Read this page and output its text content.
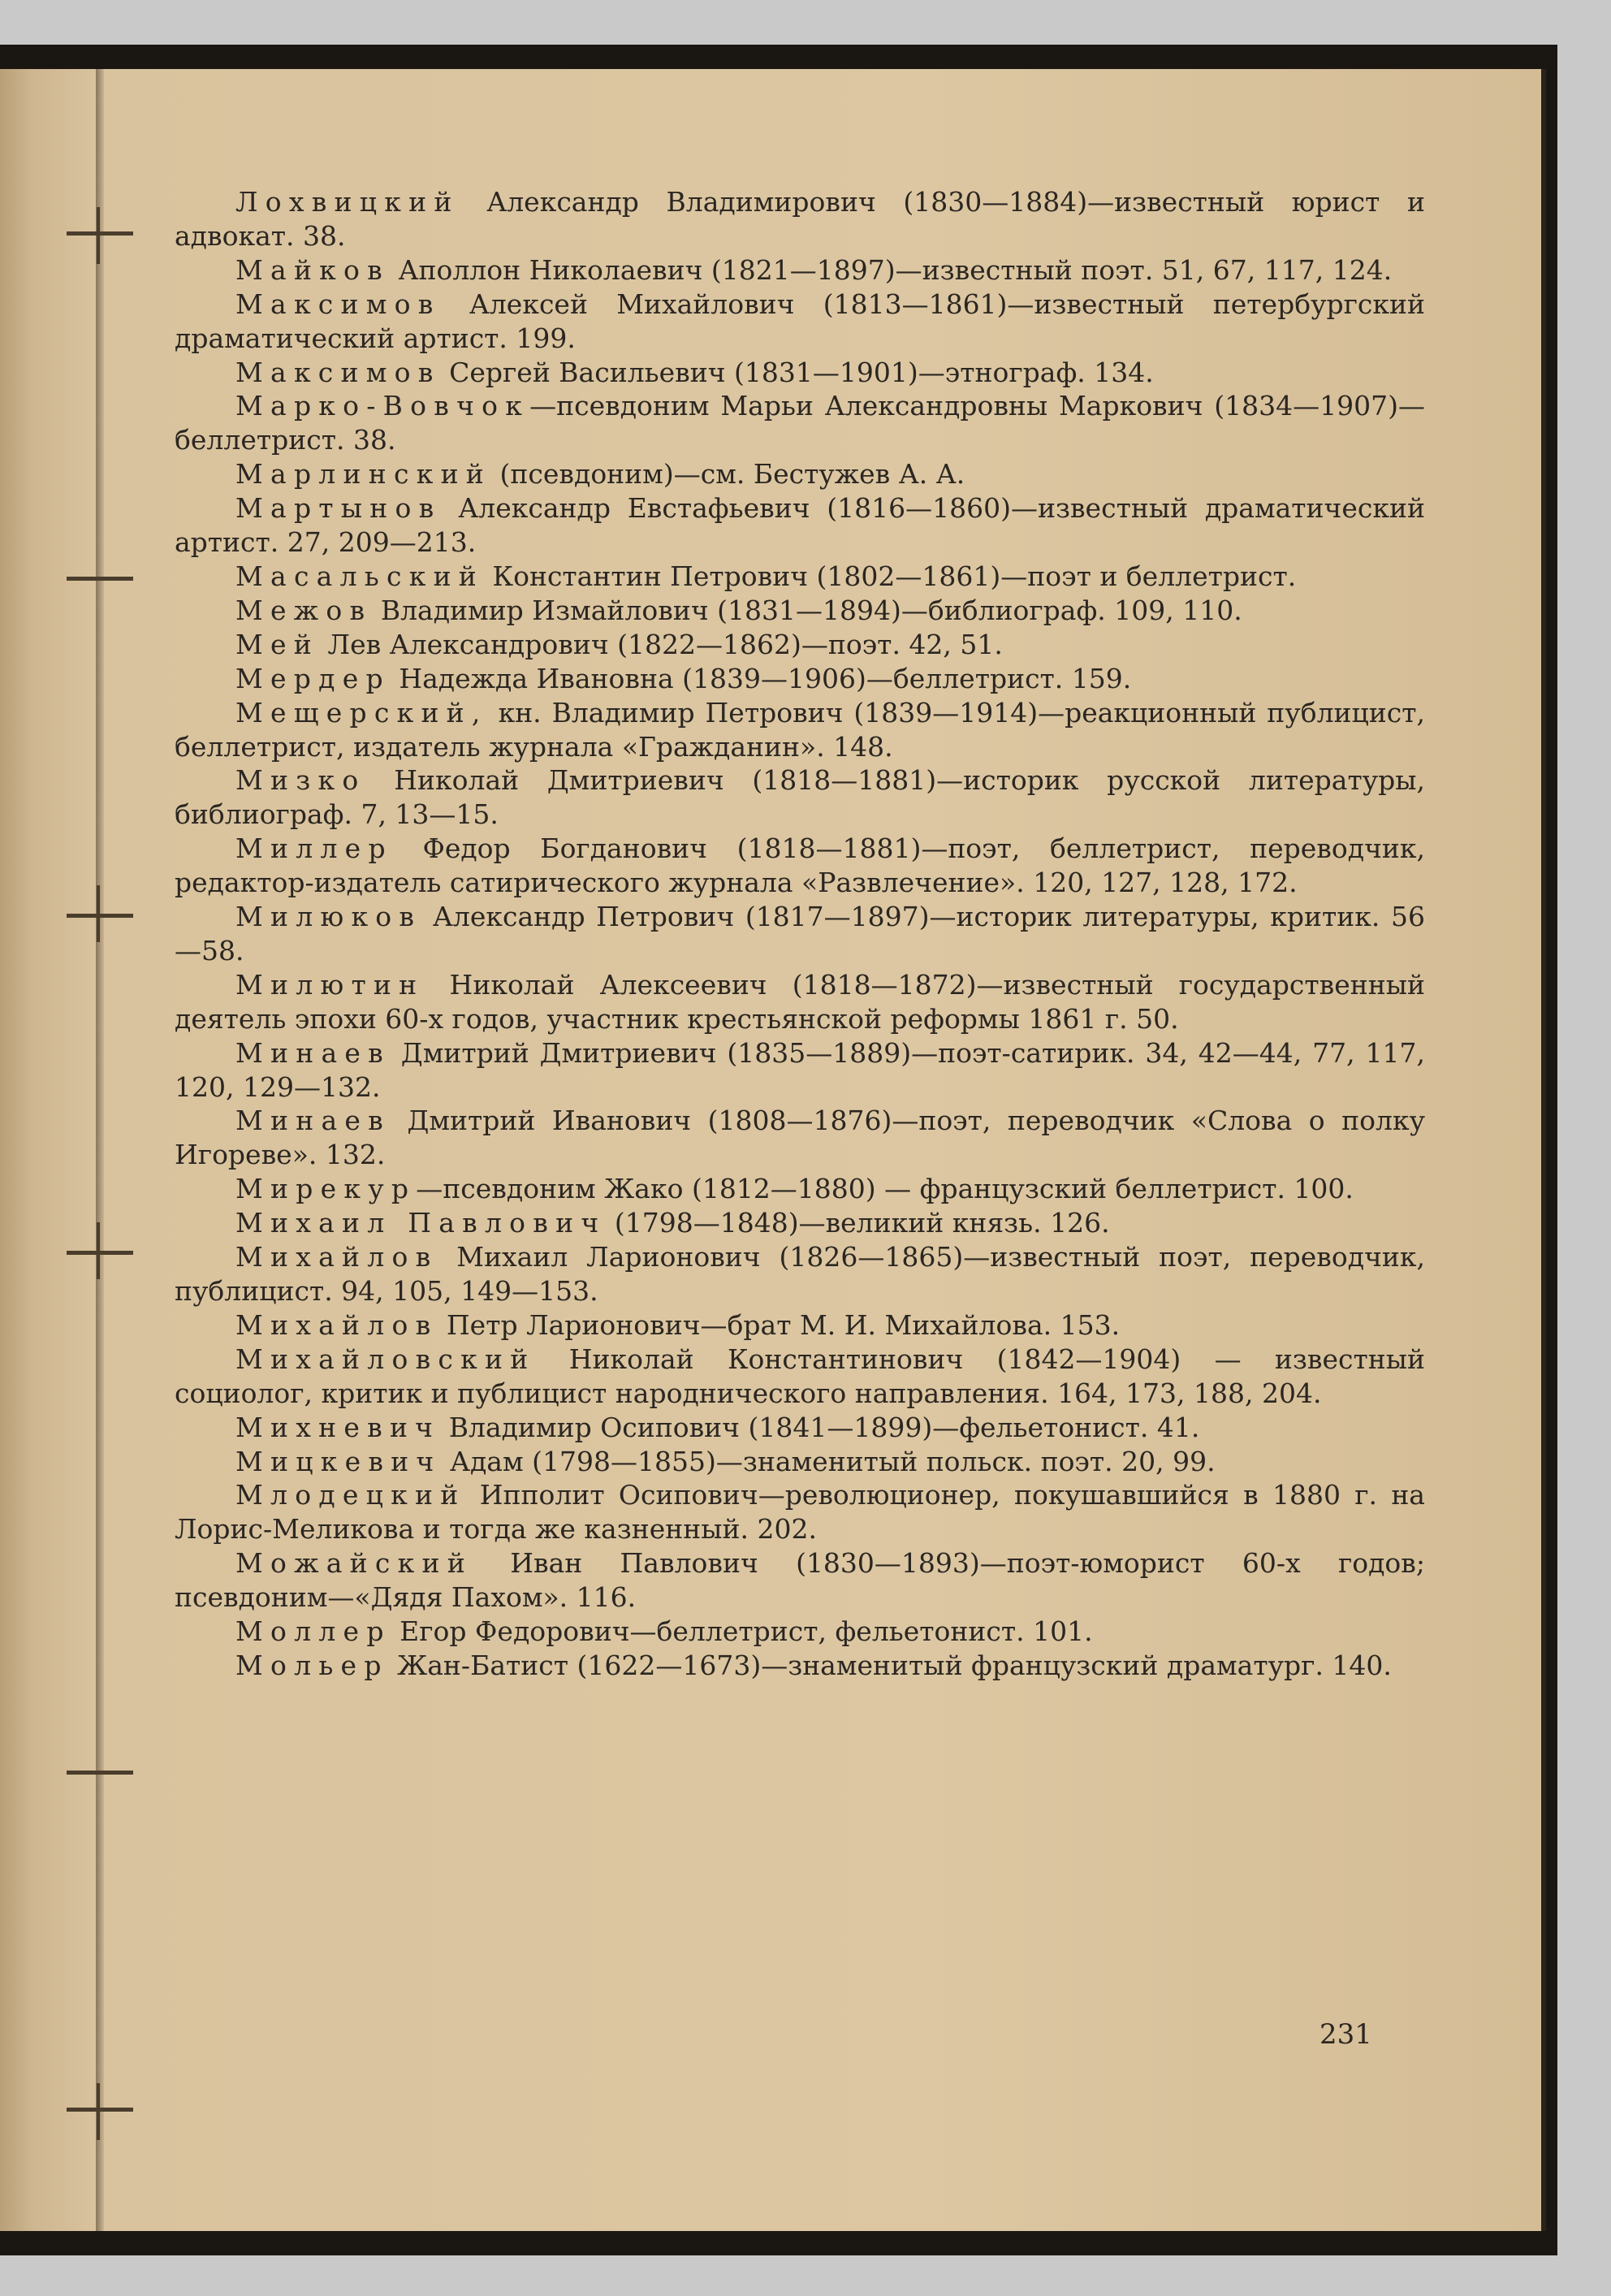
Лохвицкий Александр Владимирович (1830—1884)—известный юрист и адвокат. 38.

Майков Аполлон Николаевич (1821—1897)—известный поэт. 51, 67, 117, 124.

Максимов Алексей Михайлович (1813—1861)—известный петербургский драматический артист. 199.

Максимов Сергей Васильевич (1831—1901)—этнограф. 134.

Марко-Вовчок—псевдоним Марьи Александровны Маркович (1834—1907)—беллетрист. 38.

Марлинский (псевдоним)—см. Бестужев А. А.

Мартынов Александр Евстафьевич (1816—1860)—известный драматический артист. 27, 209—213.

Масальский Константин Петрович (1802—1861)—поэт и беллетрист.

Межов Владимир Измайлович (1831—1894)—библиограф. 109, 110.

Мей Лев Александрович (1822—1862)—поэт. 42, 51.

Мердер Надежда Ивановна (1839—1906)—беллетрист. 159.

Мещерский, кн. Владимир Петрович (1839—1914)—реакционный публицист, беллетрист, издатель журнала «Гражданин». 148.

Мизко Николай Дмитриевич (1818—1881)—историк русской литературы, библиограф. 7, 13—15.

Миллер Федор Богданович (1818—1881)—поэт, беллетрист, переводчик, редактор-издатель сатирического журнала «Развлечение». 120, 127, 128, 172.

Милюков Александр Петрович (1817—1897)—историк литературы, критик. 56—58.

Милютин Николай Алексеевич (1818—1872)—известный государственный деятель эпохи 60-х годов, участник крестьянской реформы 1861 г. 50.

Минаев Дмитрий Дмитриевич (1835—1889)—поэт-сатирик. 34, 42—44, 77, 117, 120, 129—132.

Минаев Дмитрий Иванович (1808—1876)—поэт, переводчик «Слова о полку Игореве». 132.

Мирекур—псевдоним Жако (1812—1880) — французский беллетрист. 100.

Михаил Павлович (1798—1848)—великий князь. 126.

Михайлов Михаил Ларионович (1826—1865)—известный поэт, переводчик, публицист. 94, 105, 149—153.

Михайлов Петр Ларионович—брат М. И. Михайлова. 153.

Михайловский Николай Константинович (1842—1904) — известный социолог, критик и публицист народнического направления. 164, 173, 188, 204.

Михневич Владимир Осипович (1841—1899)—фельетонист. 41.

Мицкевич Адам (1798—1855)—знаменитый польск. поэт. 20, 99.

Млодецкий Ипполит Осипович—революционер, покушавшийся в 1880 г. на Лорис-Меликова и тогда же казненный. 202.

Можайский Иван Павлович (1830—1893)—поэт-юморист 60-х годов; псевдоним—«Дядя Пахом». 116.

Моллер Егор Федорович—беллетрист, фельетонист. 101.

Мольер Жан-Батист (1622—1673)—знаменитый французский драматург. 140.

231
